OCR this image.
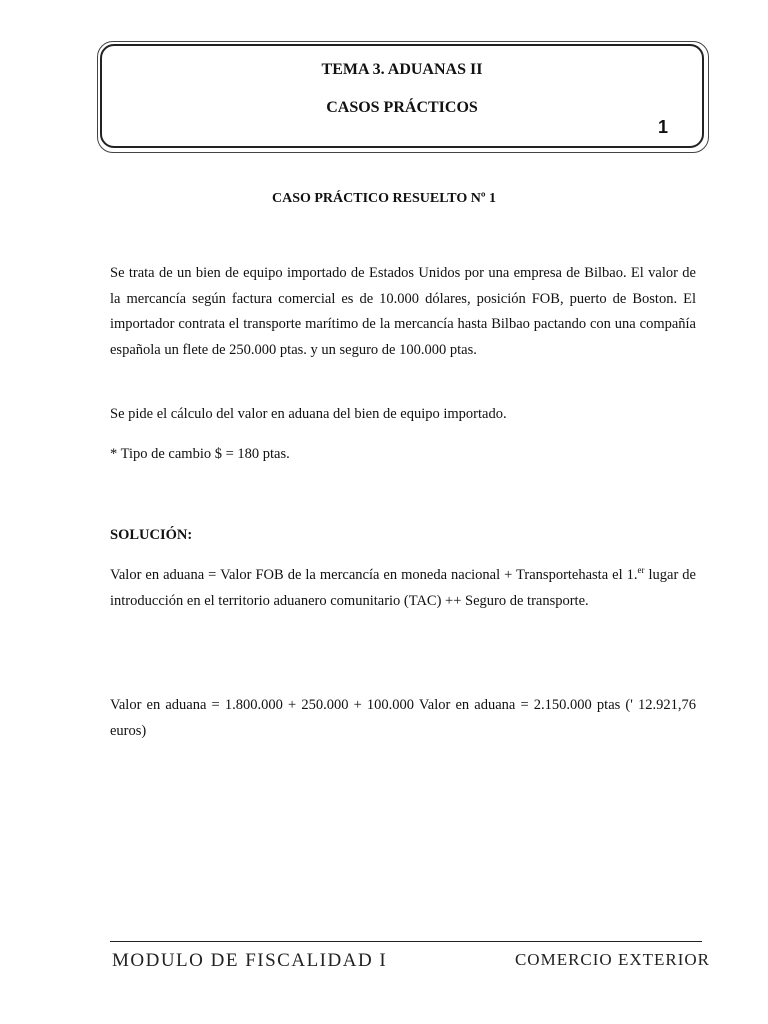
TEMA 3. ADUANAS II
CASOS PRÁCTICOS
1
CASO PRÁCTICO RESUELTO Nº 1

Se trata de un bien de equipo importado de Estados Unidos por una empresa de Bilbao. El valor de la mercancía según factura comercial es de 10.000 dólares, posición FOB, puerto de Boston. El importador contrata el transporte marítimo de la mercancía hasta Bilbao pactando con una compañía española un flete de 250.000 ptas. y un seguro de 100.000 ptas.

Se pide el cálculo del valor en aduana del bien de equipo importado.

* Tipo de cambio $ = 180 ptas.

SOLUCIÓN:

Valor en aduana = Valor FOB de la mercancía en moneda nacional + Transportehasta el 1.$^{er}$ lugar de introducción en el territorio aduanero comunitario (TAC) ++ Seguro de transporte.

Valor en aduana = 1.800.000 + 250.000 + 100.000 Valor en aduana = 2.150.000 ptas (' 12.921,76 euros)

MODULO DE FISCALIDAD I	COMERCIO EXTERIOR
